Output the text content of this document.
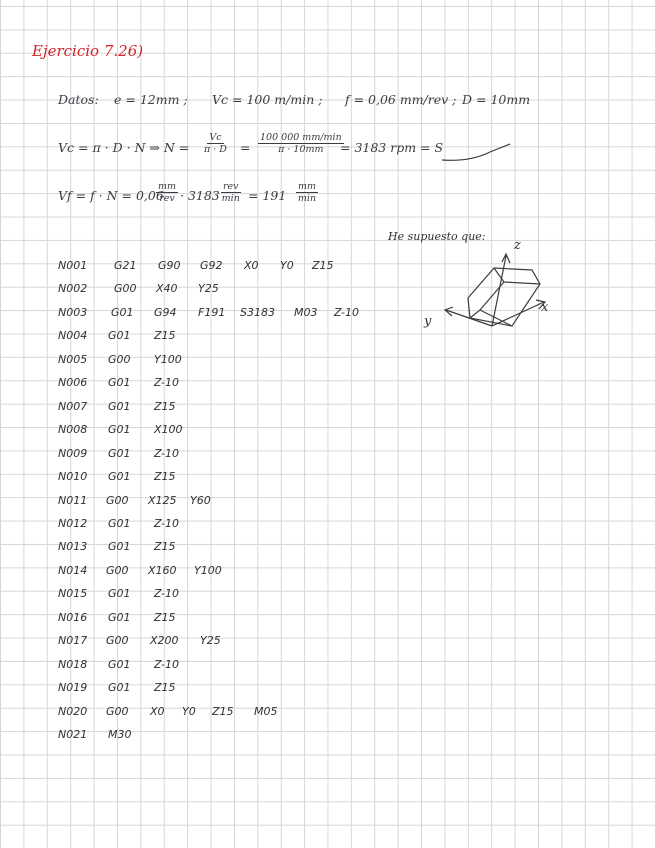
Ejercicio 7.26)
Datos: e = 12mm ; Vc = 100 m/min ; f = 0,06 mm/rev ; D = 10mm
Vc = π · D · N ⇒ $N = \frac{Vc}{\pi \cdot D}$ =
100 000 mm/min
π · 10mm = 3183 rpm = S
Vf = f · N = 0,06
mm
rev · 3183
rev
min = 191
mm
min
He supuesto que:
z
x
y
N001 G21 G90 G92 X0 Y0 Z15
N002 G00 X40 Y25
N003 G01 G94 F191 S3183 M03 Z-10
N004 G01 Z15
N005 G00 Y100
N006 G01 Z-10
N007 G01 Z15
N008 G01 X100
N009 G01 Z-10
N010 G01 Z15
N011 G00 X125 Y60
N012 G01 Z-10
N013 G01 Z15
N014 G00 X160 Y100
N015 G01 Z-10
N016 G01 Z15
N017 G00 X200 Y25
N018 G01 Z-10
N019 G01 Z15
N020 G00 X0 Y0 Z15 M05
N021 M30
